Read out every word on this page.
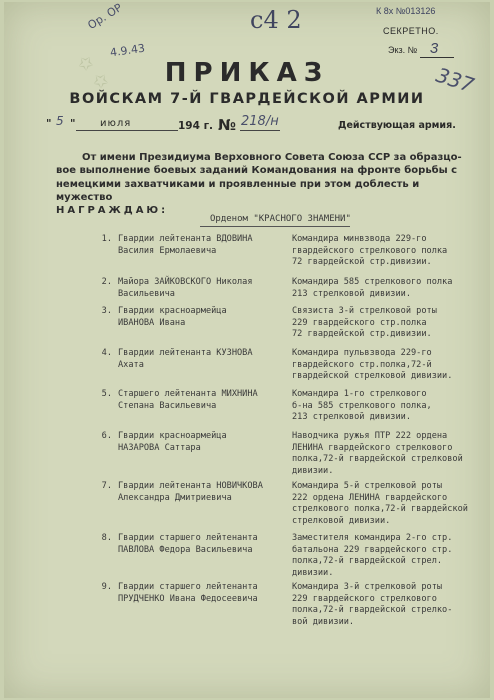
✩
✩
К 8х №013126
СЕКРЕТНО.
Экз. № 3
Ор. ОР
4.9.43
с4 2
337
ПРИКАЗ
ВОЙСКАМ 7-Й ГВАРДЕЙСКОЙ АРМИИ
" 5 " июля	194 г. № 218/н	Действующая армия.

От имени Президиума Верховного Совета Союза ССР за образцо-

вое выполнение боевых заданий Командования на фронте борьбы с

немецкими захватчиками и проявленные при этом доблесть и мужество

НАГРАЖДАЮ:

Орденом "КРАСНОГО ЗНАМЕНИ"
1. Гвардии лейтенанта ВДОВИНА
Василия Ермолаевича
Командира минвзвода 229-го
гвардейского стрелкового полка
72 гвардейской стр.дивизии.
2. Майора ЗАЙКОВСКОГО Николая
Васильевича
Командира 585 стрелкового полка
213 стрелковой дивизии.
3. Гвардии красноармейца
ИВАНОВА Ивана
Связиста 3-й стрелковой роты
229 гвардейского стр.полка
72 гвардейской стр.дивизии.
4. Гвардии лейтенанта КУЗНОВА
Ахата
Командира пульвзвода 229-го
гвардейского стр.полка,72-й
гвардейской стрелковой дивизии.
5. Старшего лейтенанта МИХНИНА
Степана Васильевича
Командира 1-го стрелкового
б-на 585 стрелкового полка,
213 стрелковой дивизии.
6. Гвардии красноармейца
НАЗАРОВА Саттара
Наводчика ружья ПТР 222 ордена
ЛЕНИНА гвардейского стрелкового
полка,72-й гвардейской стрелковой
дивизии.
7. Гвардии лейтенанта НОВИЧКОВА
Александра Дмитриевича
Командира 5-й стрелковой роты
222 ордена ЛЕНИНА гвардейского
стрелкового полка,72-й гвардейской
стрелковой дивизии.
8. Гвардии старшего лейтенанта
ПАВЛОВА Федора Васильевича
Заместителя командира 2-го стр.
батальона 229 гвардейского стр.
полка,72-й гвардейской стрел.
дивизии.
9. Гвардии старшего лейтенанта
ПРУДЧЕНКО Ивана Федосеевича
Командира 3-й стрелковой роты
229 гвардейского стрелкового
полка,72-й гвардейской стрелко-
вой дивизии.
